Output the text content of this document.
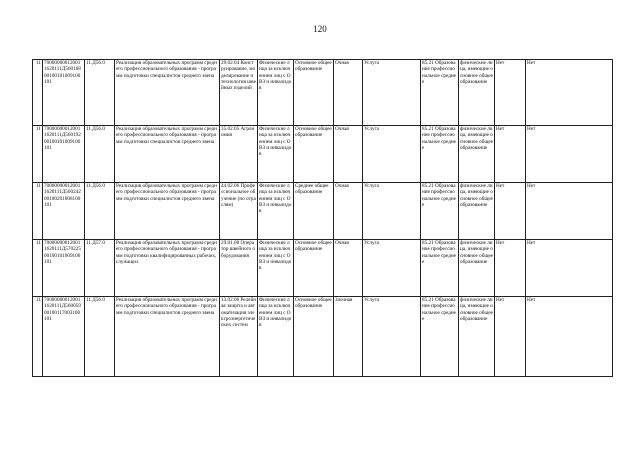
120
11	70000000012001 1620111Д560168 00100101009100 101	11.Д56.0	Реализация образовательных программ среднего профессионального образования - программ подготовки специалистов среднего звена	29.02.04 Конструирование, моделирование и технология швейных изделий	Физические лица за исключением лиц с ОВЗ и инвалидов	Основное общее образование	Очная	Услуга	85.21 Образование профессиональное среднее	физические лица, имеющие основное общее образование	Нет	Нет
11	70000000012001 1620111Д560192 00100101009100 101	11.Д56.0	Реализация образовательных программ среднего профессионального образования - программ подготовки специалистов среднего звена	35.02.05 Агрономия	Физические лица за исключением лиц с ОВЗ и инвалидов	Основное общее образование	Очная	Услуга	85.21 Образование профессиональное среднее	физические лица, имеющие основное общее образование	Нет	Нет
11	70000000012001 1620111Д560242 00100201008100 101	11.Д56.0	Реализация образовательных программ среднего профессионального образования - программ подготовки специалистов среднего звена	44.02.06 Профессиональное обучение (по отраслям)	Физические лица за исключением лиц с ОВЗ и инвалидов	Среднее общее образование	Очная	Услуга	85.21 Образование профессиональное среднее	физические лица, имеющие основное общее образование	Нет	Нет
11	70000000012001 1620111Д570225 00100101009100 101	11.Д57.0	Реализация образовательных программ среднего профессионального образования - программ подготовки квалифицированных рабочих, служащих	29.01.08 Оператор швейного оборудования	Физические лица за исключением лиц с ОВЗ и инвалидов	Основное общее образование	Очная	Услуга	85.21 Образование профессиональное среднее	физические лица, имеющие основное общее образование	Нет	Нет
11	70000000012001 1620111Д560059 00100117003100 101	11.Д56.0	Реализация образовательных программ среднего профессионального образования - программ подготовки специалистов среднего звена	13.02.06 Релейная защита и автоматизация электроэнергетических систем	Физические лица за исключением лиц с ОВЗ и инвалидов	Основное общее образование	Заочная	Услуга	85.21 Образование профессиональное среднее	физические лица, имеющие основное общее образование	Нет	Нет
